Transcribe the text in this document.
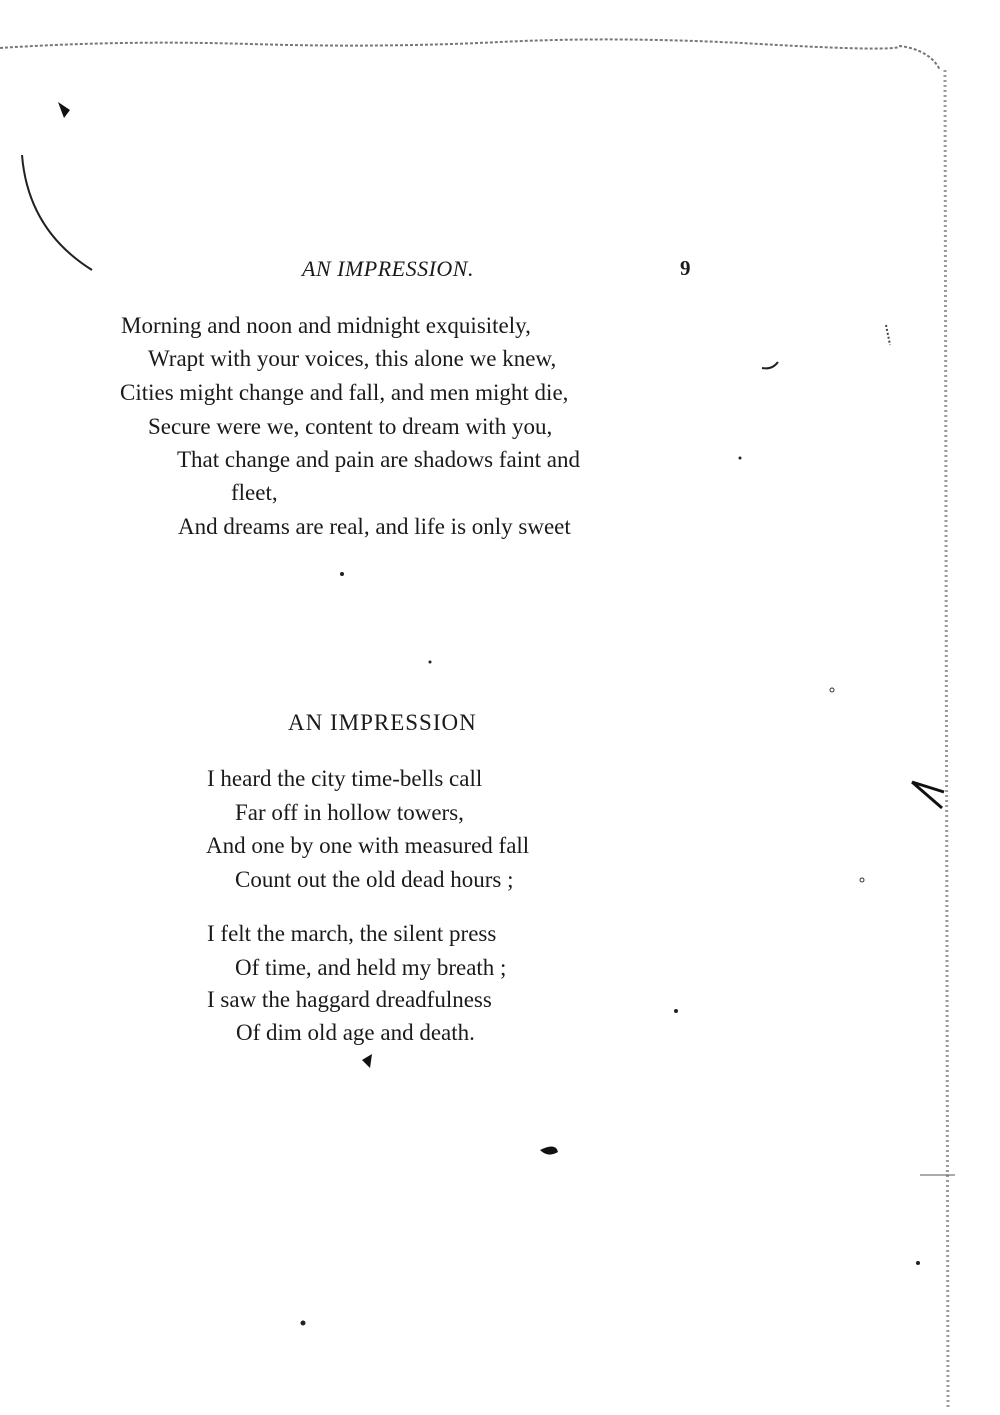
AN IMPRESSION.	9
Morning and noon and midnight exquisitely,
Wrapt with your voices, this alone we knew,
Cities might change and fall, and men might die,
Secure were we, content to dream with you,
That change and pain are shadows faint and
fleet,
And dreams are real, and life is only sweet
AN IMPRESSION
I heard the city time-bells call
Far off in hollow towers,
And one by one with measured fall
Count out the old dead hours ;
I felt the march, the silent press
Of time, and held my breath ;
I saw the haggard dreadfulness
Of dim old age and death.
